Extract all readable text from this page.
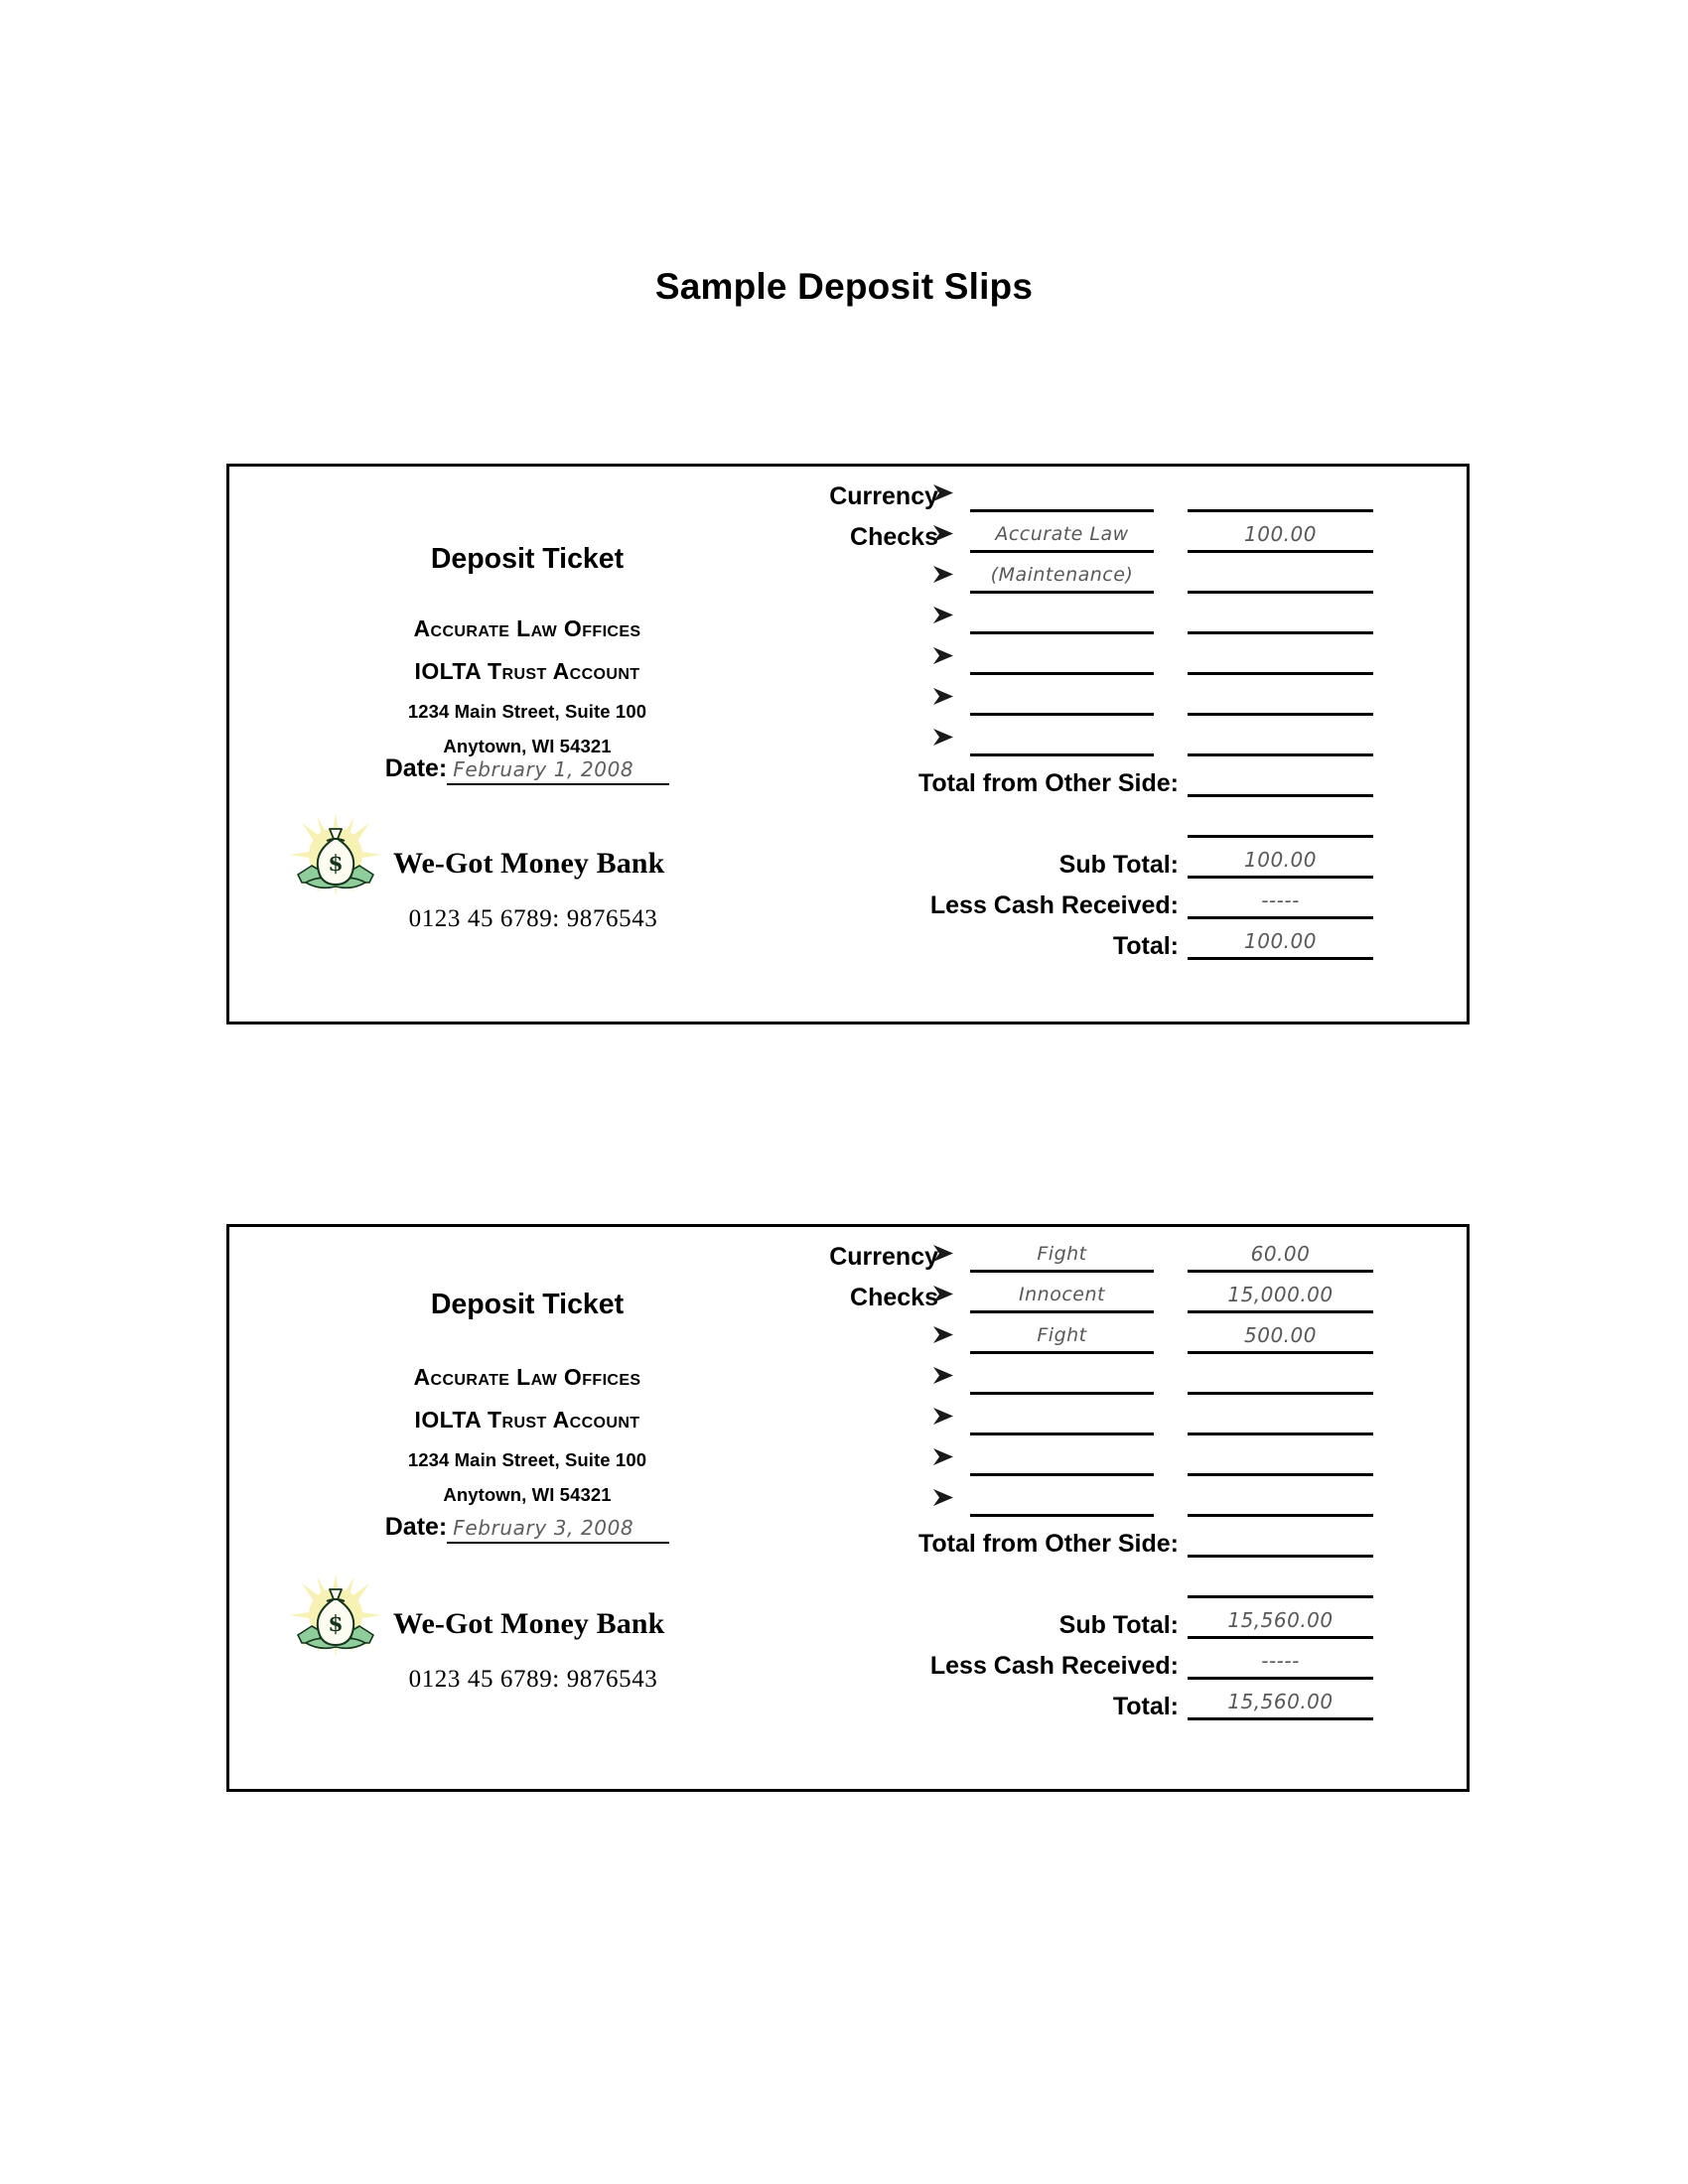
Sample Deposit Slips
Deposit Ticket
Accurate Law Offices
IOLTA Trust Account
1234 Main Street, Suite 100
Anytown, WI 54321
Date: February 1, 2008
$ We-Got Money Bank
0123 45 6789: 9876543
Currency
Checks	Accurate Law	100.00
(Maintenance)
Total from Other Side:
Sub Total:	100.00
Less Cash Received:	-----
Total:	100.00
Deposit Ticket
Accurate Law Offices
IOLTA Trust Account
1234 Main Street, Suite 100
Anytown, WI 54321
Date: February 3, 2008
$ We-Got Money Bank
0123 45 6789: 9876543
Currency	Fight	60.00
Checks	Innocent	15,000.00
Fight	500.00
Total from Other Side:
Sub Total:	15,560.00
Less Cash Received:	-----
Total:	15,560.00
